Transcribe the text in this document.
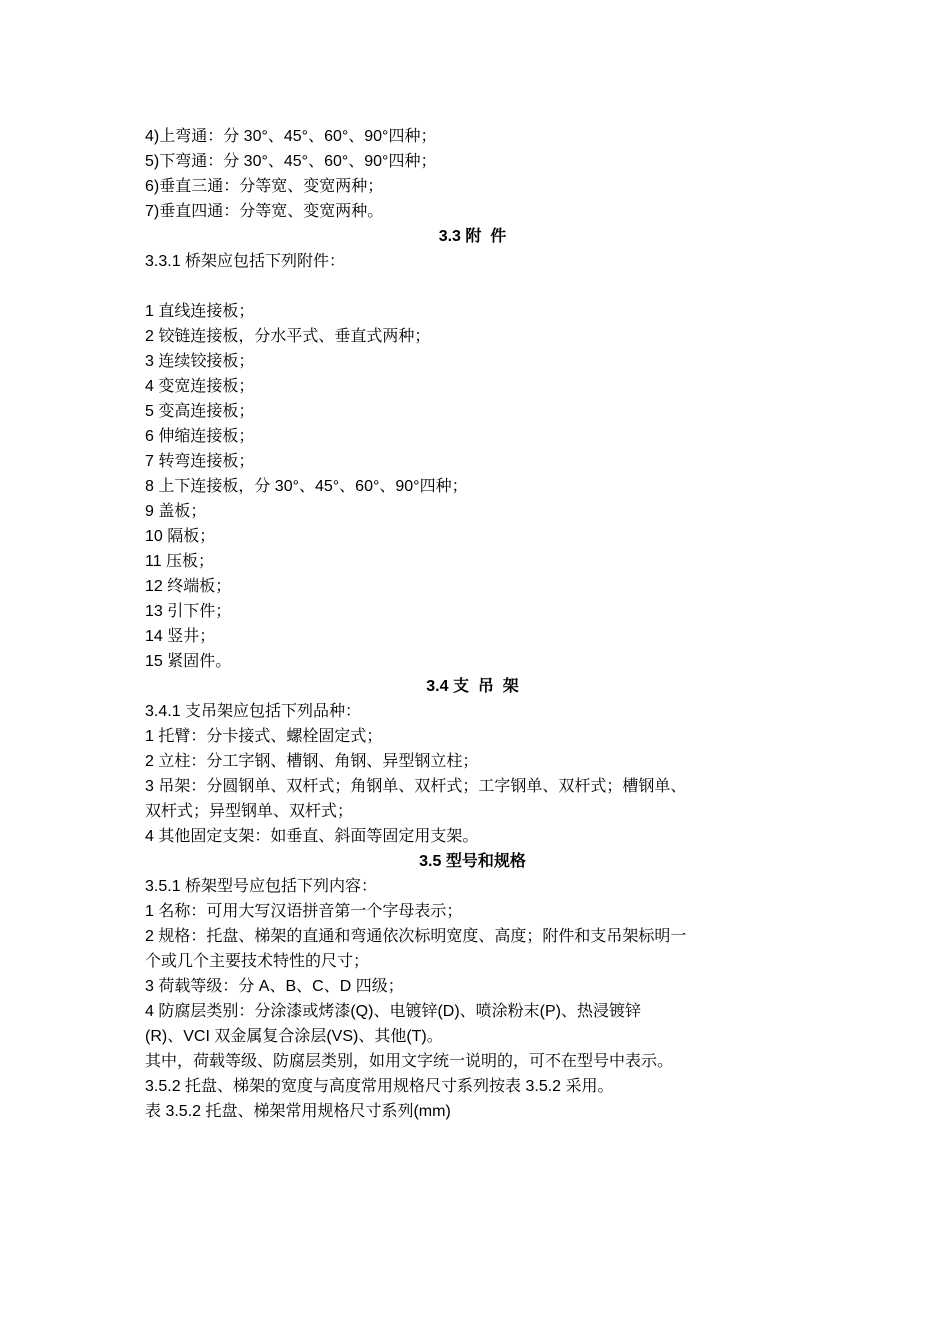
4)上弯通：分 30°、45°、60°、90°四种；

5)下弯通：分 30°、45°、60°、90°四种；

6)垂直三通：分等宽、变宽两种；

7)垂直四通：分等宽、变宽两种。

3.3 附  件

3.3.1 桥架应包括下列附件：

1 直线连接板；

2 铰链连接板，分水平式、垂直式两种；

3 连续铰接板；

4 变宽连接板；

5 变高连接板；

6 伸缩连接板；

7 转弯连接板；

8 上下连接板，分 30°、45°、60°、90°四种；

9 盖板；

10 隔板；

11 压板；

12 终端板；

13 引下件；

14 竖井；

15 紧固件。

3.4 支  吊  架

3.4.1 支吊架应包括下列品种：

1 托臂：分卡接式、螺栓固定式；

2 立柱：分工字钢、槽钢、角钢、异型钢立柱；

3 吊架：分圆钢单、双杆式；角钢单、双杆式；工字钢单、双杆式；槽钢单、

双杆式；异型钢单、双杆式；

4 其他固定支架：如垂直、斜面等固定用支架。

3.5 型号和规格

3.5.1 桥架型号应包括下列内容：

1 名称：可用大写汉语拼音第一个字母表示；

2 规格：托盘、梯架的直通和弯通依次标明宽度、高度；附件和支吊架标明一

个或几个主要技术特性的尺寸；

3 荷载等级：分 A、B、C、D 四级；

4 防腐层类别：分涂漆或烤漆(Q)、电镀锌(D)、喷涂粉末(P)、热浸镀锌

(R)、VCI 双金属复合涂层(VS)、其他(T)。

其中，荷载等级、防腐层类别，如用文字统一说明的，可不在型号中表示。

3.5.2 托盘、梯架的宽度与高度常用规格尺寸系列按表 3.5.2 采用。

表 3.5.2 托盘、梯架常用规格尺寸系列(mm)
